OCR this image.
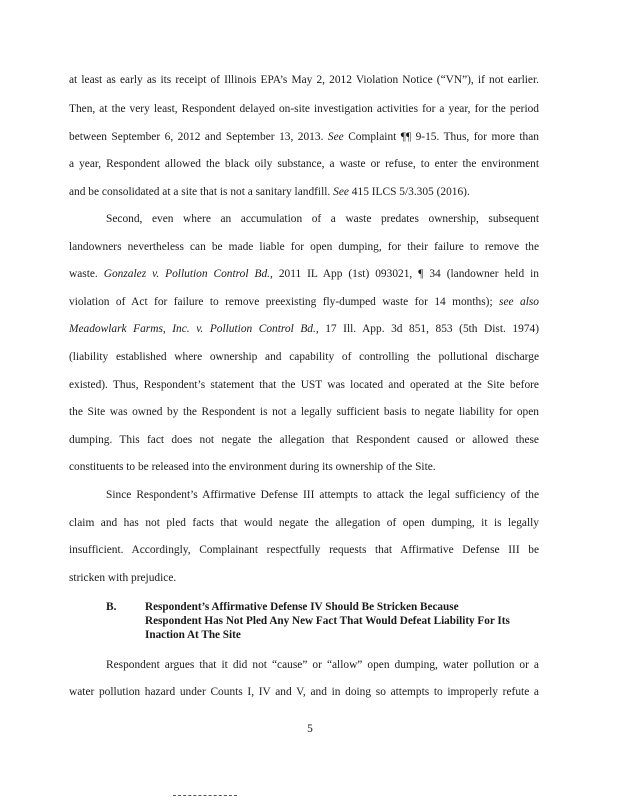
at least as early as its receipt of Illinois EPA’s May 2, 2012 Violation Notice (“VN”), if not earlier.
Then, at the very least, Respondent delayed on-site investigation activities for a year, for the period
between September 6, 2012 and September 13, 2013. See Complaint ¶¶ 9-15. Thus, for more than
a year, Respondent allowed the black oily substance, a waste or refuse, to enter the environment
and be consolidated at a site that is not a sanitary landfill. See 415 ILCS 5/3.305 (2016).
Second, even where an accumulation of a waste predates ownership, subsequent
landowners nevertheless can be made liable for open dumping, for their failure to remove the
waste. Gonzalez v. Pollution Control Bd., 2011 IL App (1st) 093021, ¶ 34 (landowner held in
violation of Act for failure to remove preexisting fly-dumped waste for 14 months); see also
Meadowlark Farms, Inc. v. Pollution Control Bd., 17 Ill. App. 3d 851, 853 (5th Dist. 1974)
(liability established where ownership and capability of controlling the pollutional discharge
existed). Thus, Respondent’s statement that the UST was located and operated at the Site before
the Site was owned by the Respondent is not a legally sufficient basis to negate liability for open
dumping. This fact does not negate the allegation that Respondent caused or allowed these
constituents to be released into the environment during its ownership of the Site.
Since Respondent’s Affirmative Defense III attempts to attack the legal sufficiency of the
claim and has not pled facts that would negate the allegation of open dumping, it is legally
insufficient. Accordingly, Complainant respectfully requests that Affirmative Defense III be
stricken with prejudice.
B.	Respondent’s Affirmative Defense IV Should Be Stricken Because
Respondent Has Not Pled Any New Fact That Would Defeat Liability For Its
Inaction At The Site
Respondent argues that it did not “cause” or “allow” open dumping, water pollution or a
water pollution hazard under Counts I, IV and V, and in doing so attempts to improperly refute a
5
